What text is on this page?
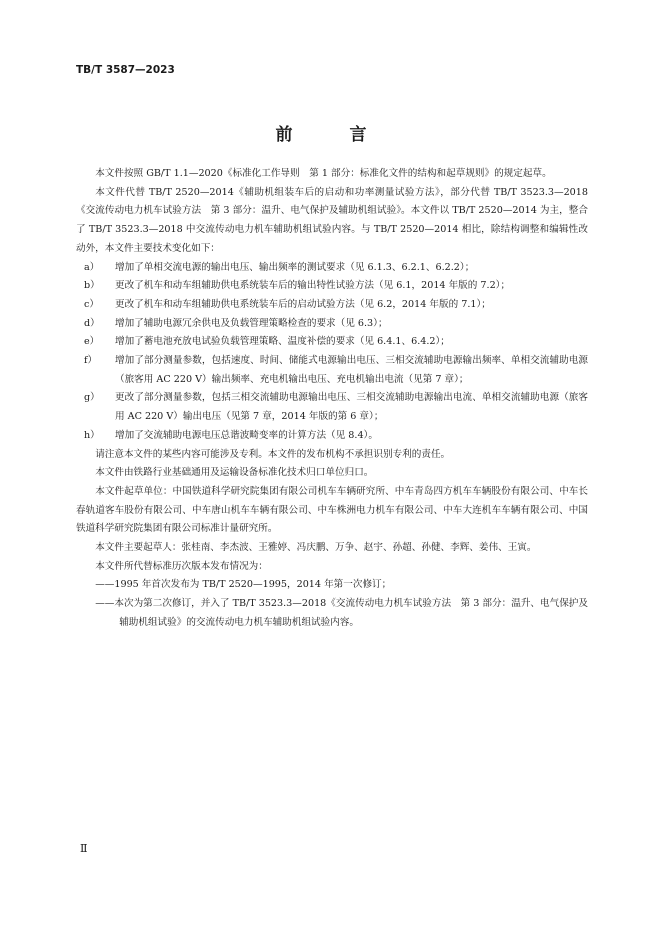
TB/T 3587—2023
前　言

本文件按照 GB/T 1.1—2020《标准化工作导则　第 1 部分：标准化文件的结构和起草规则》的规定起草。

本文件代替 TB/T 2520—2014《辅助机组装车后的启动和功率测量试验方法》，部分代替 TB/T 3523.3—2018《交流传动电力机车试验方法　第 3 部分：温升、电气保护及辅助机组试验》。本文件以 TB/T 2520—2014 为主，整合了 TB/T 3523.3—2018 中交流传动电力机车辅助机组试验内容。与 TB/T 2520—2014 相比，除结构调整和编辑性改动外，本文件主要技术变化如下：

a） 增加了单相交流电源的输出电压、输出频率的测试要求（见 6.1.3、6.2.1、6.2.2）；
b） 更改了机车和动车组辅助供电系统装车后的输出特性试验方法（见 6.1，2014 年版的 7.2）；
c） 更改了机车和动车组辅助供电系统装车后的启动试验方法（见 6.2，2014 年版的 7.1）；
d） 增加了辅助电源冗余供电及负载管理策略检查的要求（见 6.3）；
e） 增加了蓄电池充放电试验负载管理策略、温度补偿的要求（见 6.4.1、6.4.2）；
f） 增加了部分测量参数，包括速度、时间、储能式电源输出电压、三相交流辅助电源输出频率、单相交流辅助电源（旅客用 AC 220 V）输出频率、充电机输出电压、充电机输出电流（见第 7 章）；
g） 更改了部分测量参数，包括三相交流辅助电源输出电压、三相交流辅助电源输出电流、单相交流辅助电源（旅客用 AC 220 V）输出电压（见第 7 章，2014 年版的第 6 章）；
h） 增加了交流辅助电源电压总谐波畸变率的计算方法（见 8.4）。

请注意本文件的某些内容可能涉及专利。本文件的发布机构不承担识别专利的责任。

本文件由铁路行业基础通用及运输设备标准化技术归口单位归口。

本文件起草单位：中国铁道科学研究院集团有限公司机车车辆研究所、中车青岛四方机车车辆股份有限公司、中车长春轨道客车股份有限公司、中车唐山机车车辆有限公司、中车株洲电力机车有限公司、中车大连机车车辆有限公司、中国铁道科学研究院集团有限公司标准计量研究所。

本文件主要起草人：张桂南、李杰波、王雅婷、冯庆鹏、万争、赵宇、孙超、孙健、李辉、姜伟、王寅。

本文件所代替标准历次版本发布情况为：

——1995 年首次发布为 TB/T 2520—1995，2014 年第一次修订；

——本次为第二次修订，并入了 TB/T 3523.3—2018《交流传动电力机车试验方法　第 3 部分：温升、电气保护及辅助机组试验》的交流传动电力机车辅助机组试验内容。

Ⅱ
